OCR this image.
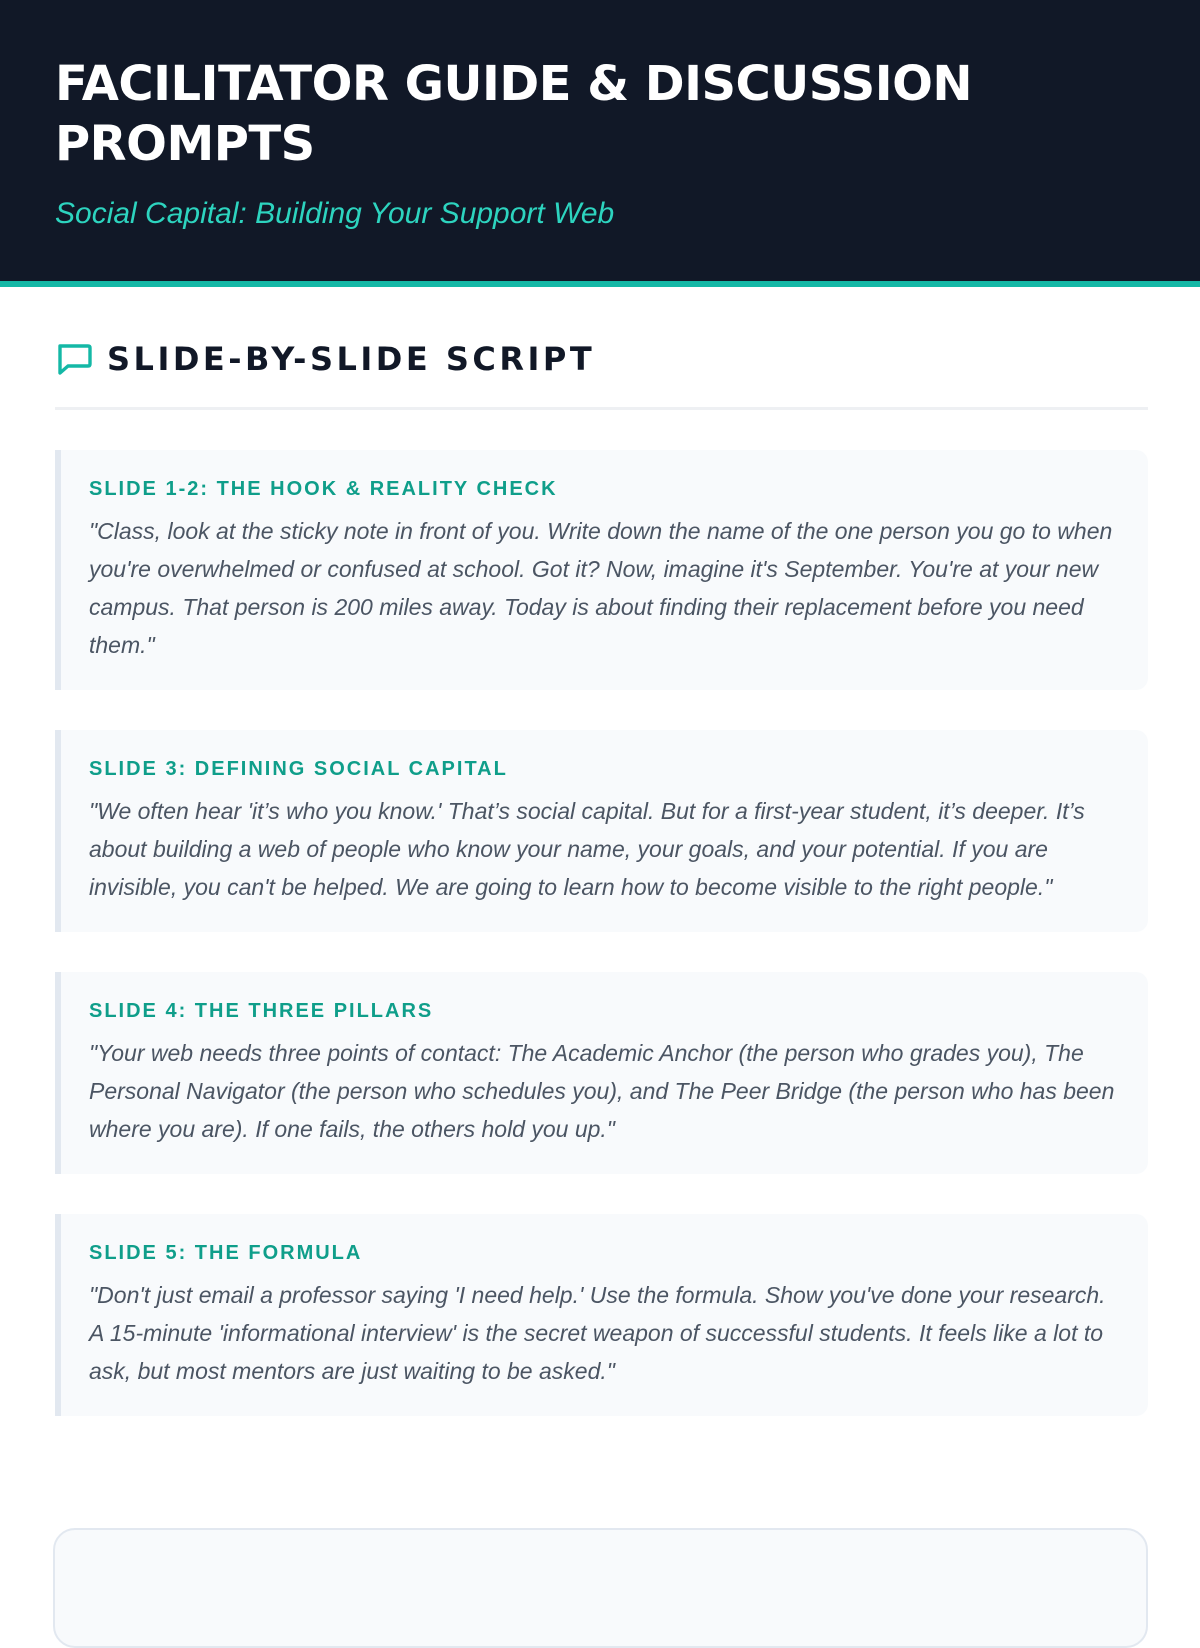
FACILITATOR GUIDE & DISCUSSION PROMPTS
Social Capital: Building Your Support Web
SLIDE-BY-SLIDE SCRIPT
SLIDE 1-2: THE HOOK & REALITY CHECK

"Class, look at the sticky note in front of you. Write down the name of the one person you go to when you're overwhelmed or confused at school. Got it? Now, imagine it's September. You're at your new campus. That person is 200 miles away. Today is about finding their replacement before you need them."

SLIDE 3: DEFINING SOCIAL CAPITAL

"We often hear 'it’s who you know.' That’s social capital. But for a first-year student, it’s deeper. It’s about building a web of people who know your name, your goals, and your potential. If you are invisible, you can't be helped. We are going to learn how to become visible to the right people."

SLIDE 4: THE THREE PILLARS

"Your web needs three points of contact: The Academic Anchor (the person who grades you), The Personal Navigator (the person who schedules you), and The Peer Bridge (the person who has been where you are). If one fails, the others hold you up."

SLIDE 5: THE FORMULA

"Don't just email a professor saying 'I need help.' Use the formula. Show you've done your research. A 15-minute 'informational interview' is the secret weapon of successful students. It feels like a lot to ask, but most mentors are just waiting to be asked."
